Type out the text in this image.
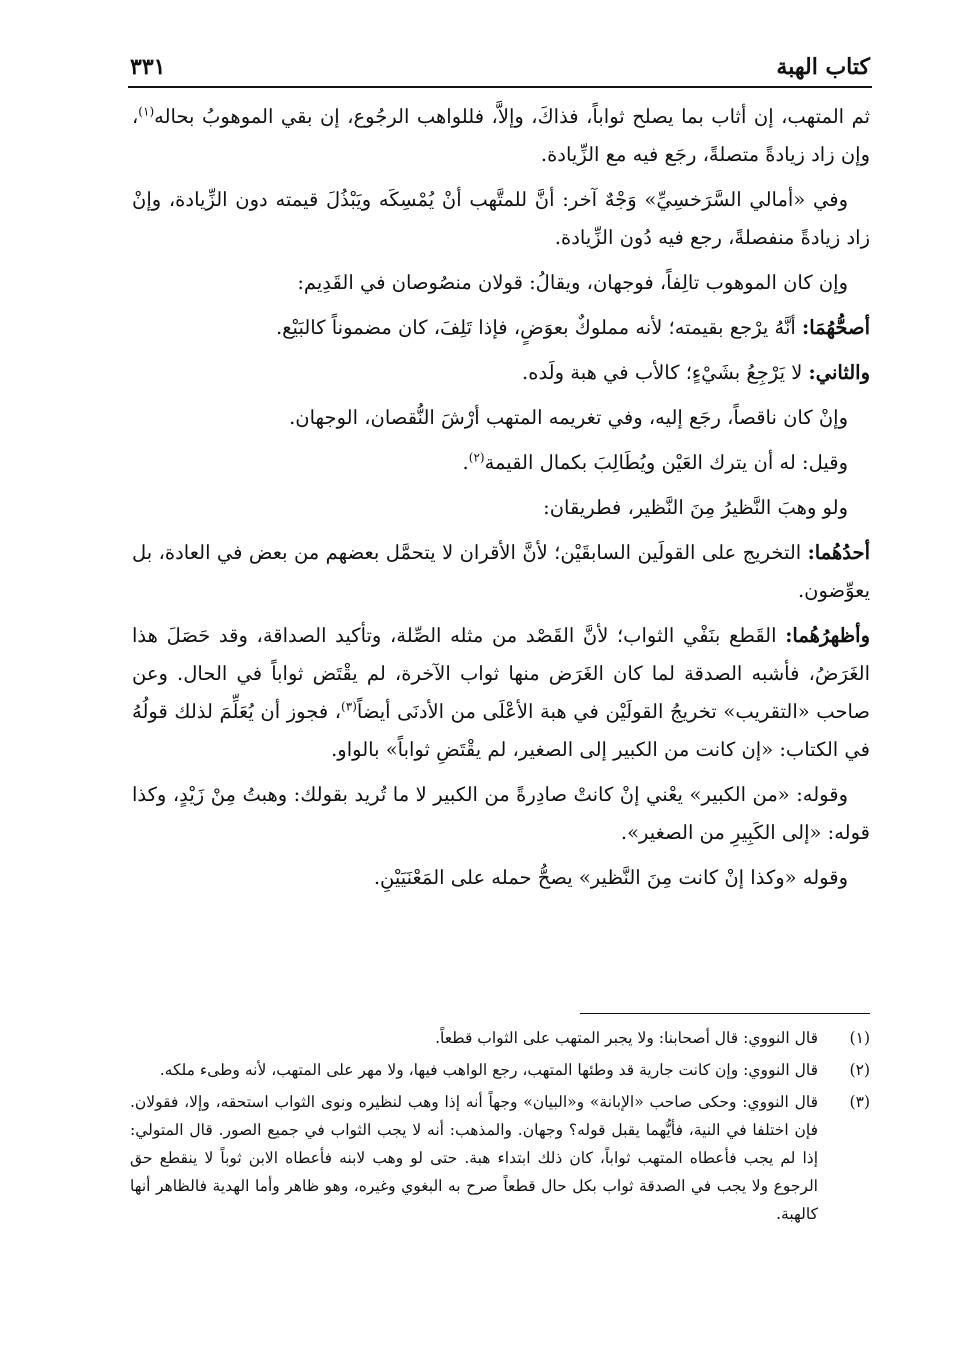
كتاب الهبة
٣٣١

ثم المتهب، إن أثاب بما يصلح ثواباً، فذاكَ، وإلاَّ، فللواهب الرجُوع، إن بقي الموهوبُ بحاله$^{(١)}$، وإن زاد زيادةً متصلةً، رجَع فيه مع الزِّيادة.

وفي «أمالي السَّرَخسِيِّ» وَجْهٌ آخر: أنَّ للمتَّهب أنْ يُمْسِكَه ويَبْذُلَ قيمته دون الزِّيادة، وإنْ زاد زيادةً منفصلةً، رجع فيه دُون الزِّيادة.

وإن كان الموهوب تالِفاً، فوجهان، ويقالُ: قولان منصُوصان في القَدِيم:

أصحُّهُمَا: أنَّهُ يرْجع بقيمته؛ لأنه مملوكٌ بعوَضٍ، فإذا تَلِفَ، كان مضموناً كالبَيْع.

والثاني: لا يَرْجِعُ بشَيْءٍ؛ كالأب في هبة ولَده.

وإنْ كان ناقصاً، رجَع إليه، وفي تغريمه المتهب أرْشَ النُّقصان، الوجهان.

وقيل: له أن يترك العَيْن ويُطَالِبَ بكمال القيمة$^{(٢)}$.

ولو وهبَ النَّظيرُ مِنَ النَّظير، فطريقان:

أحدُهُما: التخريج على القولَين السابقَيْن؛ لأنَّ الأقران لا يتحمَّل بعضهم من بعض في العادة، بل يعوِّضون.

وأظهرُهُما: القَطع بنَفْي الثواب؛ لأنَّ القَصْد من مثله الصِّلة، وتأكيد الصداقة، وقد حَصَلَ هذا الغَرَضُ، فأشبه الصدقة لما كان الغَرَض منها ثواب الآخرة، لم يقْتَض ثواباً في الحال. وعن صاحب «التقريب» تخريجُ القولَيْن في هبة الأعْلَى من الأدنَى أيضاً$^{(٣)}$، فجوز أن يُعَلِّمَ لذلك قولُهُ في الكتاب: «إن كانت من الكبير إلى الصغير، لم يقْتَضِ ثواباً» بالواو.

وقوله: «من الكبير» يعْني إنْ كانتْ صادِرةً من الكبير لا ما تُريد بقولك: وهبتُ مِنْ زَيْدٍ، وكذا قوله: «إلى الكَبِيرِ من الصغير».

وقوله «وكذا إنْ كانت مِنَ النَّظير» يصحُّ حمله على المَعْنَيَيْنِ.

(١)
قال النووي: قال أصحابنا: ولا يجبر المتهب على الثواب قطعاً.
(٢)
قال النووي: وإن كانت جارية قد وطئها المتهب، رجع الواهب فيها، ولا مهر على المتهب، لأنه وطىء ملكه.
(٣)
قال النووي: وحكى صاحب «الإبانة» و«البيان» وجهاً أنه إذا وهب لنظيره ونوى الثواب استحقه، وإلا، فقولان. فإن اختلفا في النية، فأيُّهما يقبل قوله؟ وجهان. والمذهب: أنه لا يجب الثواب في جميع الصور. قال المتولي: إذا لم يجب فأعطاه المتهب ثواباً، كان ذلك ابتداء هبة. حتى لو وهب لابنه فأعطاه الابن ثوباً لا ينقطع حق الرجوع ولا يجب في الصدقة ثواب بكل حال قطعاً صرح به البغوي وغيره، وهو ظاهر وأما الهدية فالظاهر أنها كالهبة.
